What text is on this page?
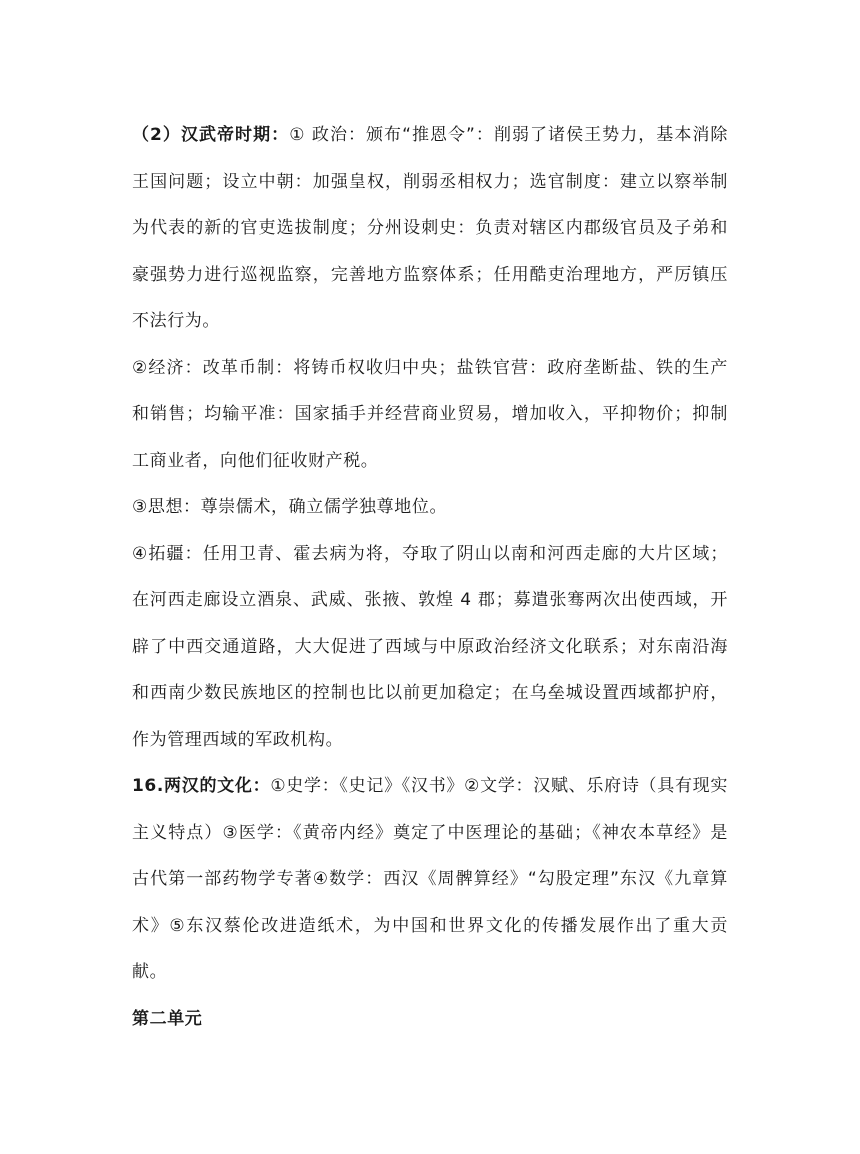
（2）汉武帝时期：① 政治：颁布“推恩令”：削弱了诸侯王势力，基本消除王国问题；设立中朝：加强皇权，削弱丞相权力；选官制度：建立以察举制为代表的新的官吏选拔制度；分州设刺史：负责对辖区内郡级官员及子弟和豪强势力进行巡视监察，完善地方监察体系；任用酷吏治理地方，严厉镇压不法行为。

②经济：改革币制：将铸币权收归中央；盐铁官营：政府垄断盐、铁的生产和销售；均输平准：国家插手并经营商业贸易，增加收入，平抑物价；抑制工商业者，向他们征收财产税。

③思想：尊崇儒术，确立儒学独尊地位。

④拓疆：任用卫青、霍去病为将，夺取了阴山以南和河西走廊的大片区域；在河西走廊设立酒泉、武威、张掖、敦煌 4 郡；募遣张骞两次出使西域，开辟了中西交通道路，大大促进了西域与中原政治经济文化联系；对东南沿海和西南少数民族地区的控制也比以前更加稳定；在乌垒城设置西域都护府，作为管理西域的军政机构。

16.两汉的文化：①史学：《史记》《汉书》②文学：汉赋、乐府诗（具有现实主义特点）③医学：《黄帝内经》奠定了中医理论的基础；《神农本草经》是古代第一部药物学专著④数学：西汉《周髀算经》“勾股定理”东汉《九章算术》⑤东汉蔡伦改进造纸术，为中国和世界文化的传播发展作出了重大贡献。

第二单元
